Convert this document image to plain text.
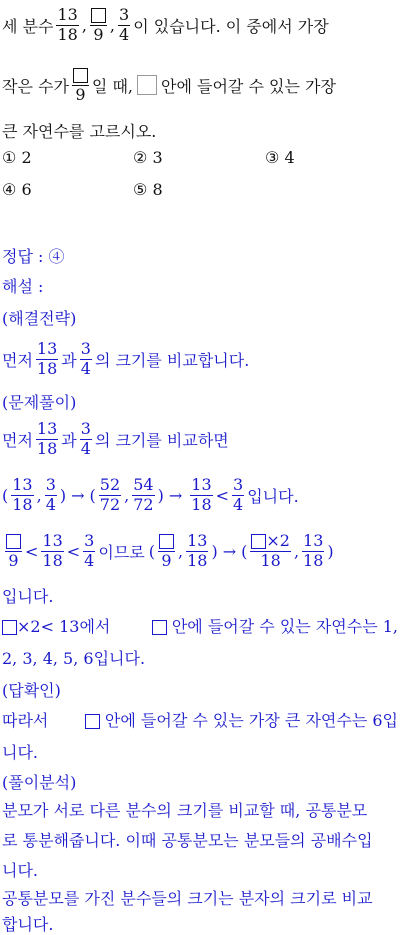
세 분수 $\frac{13}{18}$ , 9 , $\frac{3}{4}$ 이 있습니다. 이 중에서 가장
작은 수가 9 일 때, 안에 들어갈 수 있는 가장
큰 자연수를 고르시오.
① 2	② 3	③ 4
④ 6	⑤ 8
정답 : ④
해설 :
(해결전략)
먼저 $\frac{13}{18}$ 과 $\frac{3}{4}$ 의 크기를 비교합니다.
(문제풀이)
먼저 $\frac{13}{18}$ 과 $\frac{3}{4}$ 의 크기를 비교하면
( $\frac{13}{18}$ , $\frac{3}{4}$ ) → ( $\frac{52}{72}$ , $\frac{54}{72}$ ) → $\frac{13}{18} < \frac{3}{4}$ 입니다.
$9 < \frac{13}{18} < \frac{3}{4}$ 이므로 ( 9 , $\frac{13}{18}$ ) → ( $\frac{\times 2}{18}$ , $\frac{13}{18}$ )
입니다.
×2< 13에서	안에 들어갈 수 있는 자연수는 1,
2, 3, 4, 5, 6입니다.
(답확인)
따라서	안에 들어갈 수 있는 가장 큰 자연수는 6입
니다.
(풀이분석)
분모가 서로 다른 분수의 크기를 비교할 때, 공통분모
로 통분해줍니다. 이때 공통분모는 분모들의 공배수입
니다.
공통분모를 가진 분수들의 크기는 분자의 크기로 비교
합니다.
